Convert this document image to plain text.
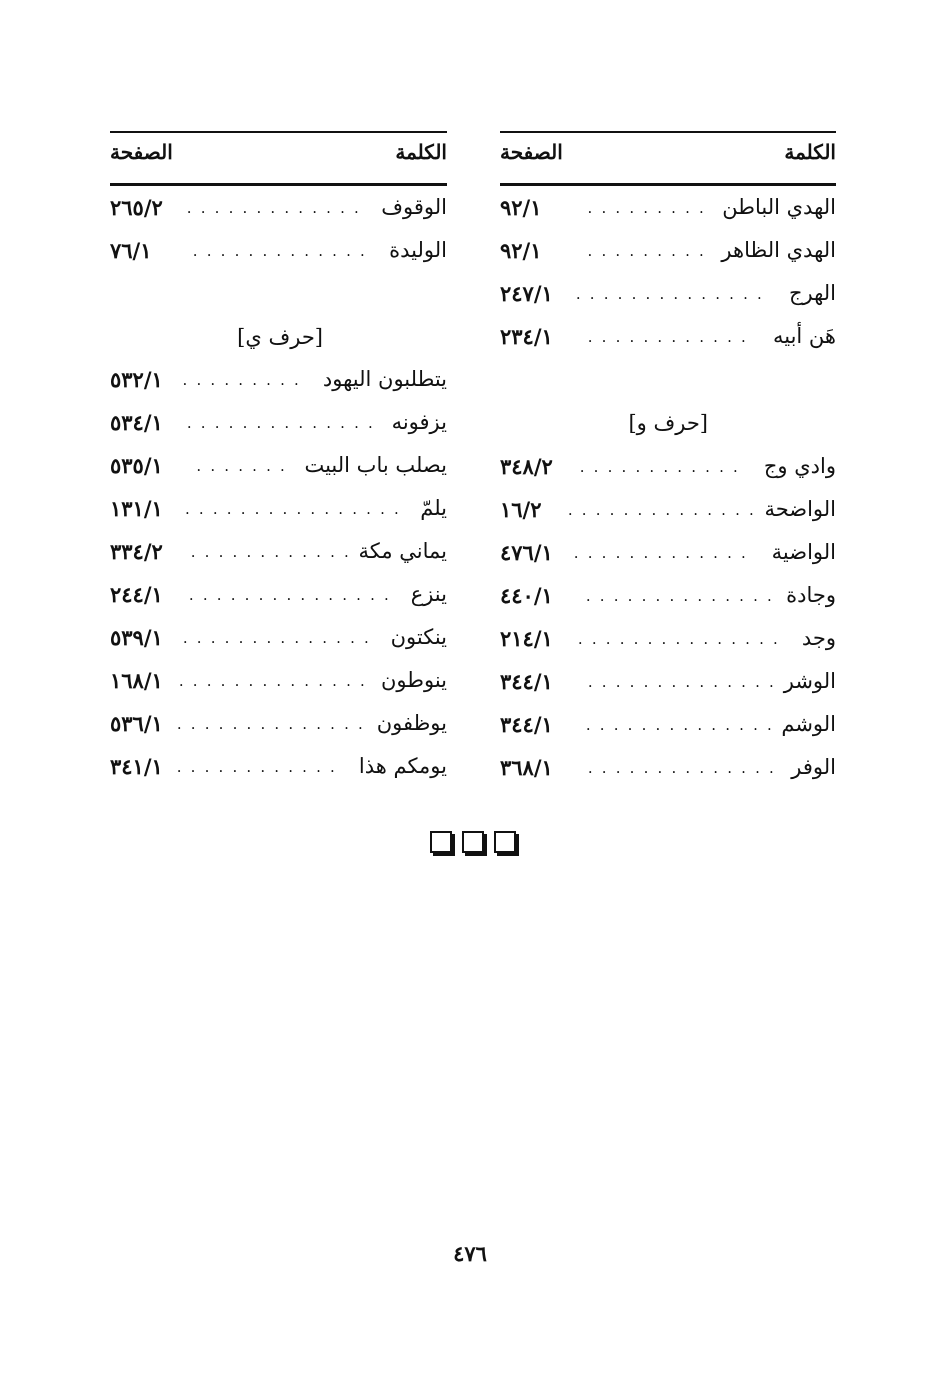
الكلمة
الصفحة
الهدي الباطن
. . . . . . . . .
٩٢/١
الهدي الظاهر
. . . . . . . . .
٩٢/١
الهرج
. . . . . . . . . . . . . .
٢٤٧/١
هَن أبيه
. . . . . . . . . . . .
٢٣٤/١
[حرف و]
وادي وج
. . . . . . . . . . . .
٣٤٨/٢
الواضحة
. . . . . . . . . . . . . .
١٦/٢
الواضية
. . . . . . . . . . . . .
٤٧٦/١
وجادة
. . . . . . . . . . . . . .
٤٤٠/١
وجد
. . . . . . . . . . . . . . .
٢١٤/١
الوشر
. . . . . . . . . . . . . .
٣٤٤/١
الوشم
. . . . . . . . . . . . . .
٣٤٤/١
الوفر
. . . . . . . . . . . . . .
٣٦٨/١
الكلمة
الصفحة
الوقوف
. . . . . . . . . . . . .
٢٦٥/٢
الوليدة
. . . . . . . . . . . . .
٧٦/١
[حرف ي]
يتطلبون اليهود
. . . . . . . . .
٥٣٢/١
يزفونه
. . . . . . . . . . . . . .
٥٣٤/١
يصلب باب البيت
. . . . . . .
٥٣٥/١
يلمّ
. . . . . . . . . . . . . . . .
١٣١/١
يماني مكة
. . . . . . . . . . . .
٣٣٤/٢
ينزع
. . . . . . . . . . . . . . .
٢٤٤/١
ينكتون
. . . . . . . . . . . . . .
٥٣٩/١
ينوطون
. . . . . . . . . . . . . .
١٦٨/١
يوظفون
. . . . . . . . . . . . . .
٥٣٦/١
يومكم هذا
. . . . . . . . . . . .
٣٤١/١
٤٧٦
